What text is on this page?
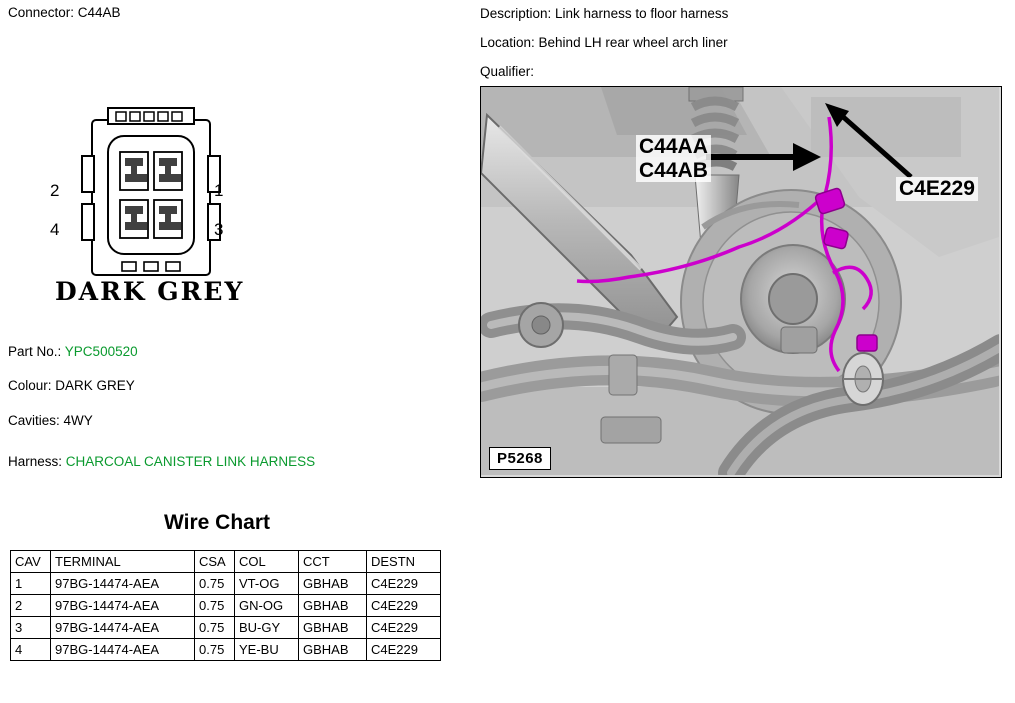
Connector: C44AB
2	1
4	3
DARK GREY
Part No.: YPC500520
Colour: DARK GREY
Cavities: 4WY
Harness: CHARCOAL CANISTER LINK HARNESS
Wire Chart
CAV	TERMINAL	CSA	COL	CCT	DESTN
1	97BG-14474-AEA	0.75	VT-OG	GBHAB	C4E229
2	97BG-14474-AEA	0.75	GN-OG	GBHAB	C4E229
3	97BG-14474-AEA	0.75	BU-GY	GBHAB	C4E229
4	97BG-14474-AEA	0.75	YE-BU	GBHAB	C4E229
Description: Link harness to floor harness
Location: Behind LH rear wheel arch liner
Qualifier:
C44AA
C44AB
C4E229
P5268
